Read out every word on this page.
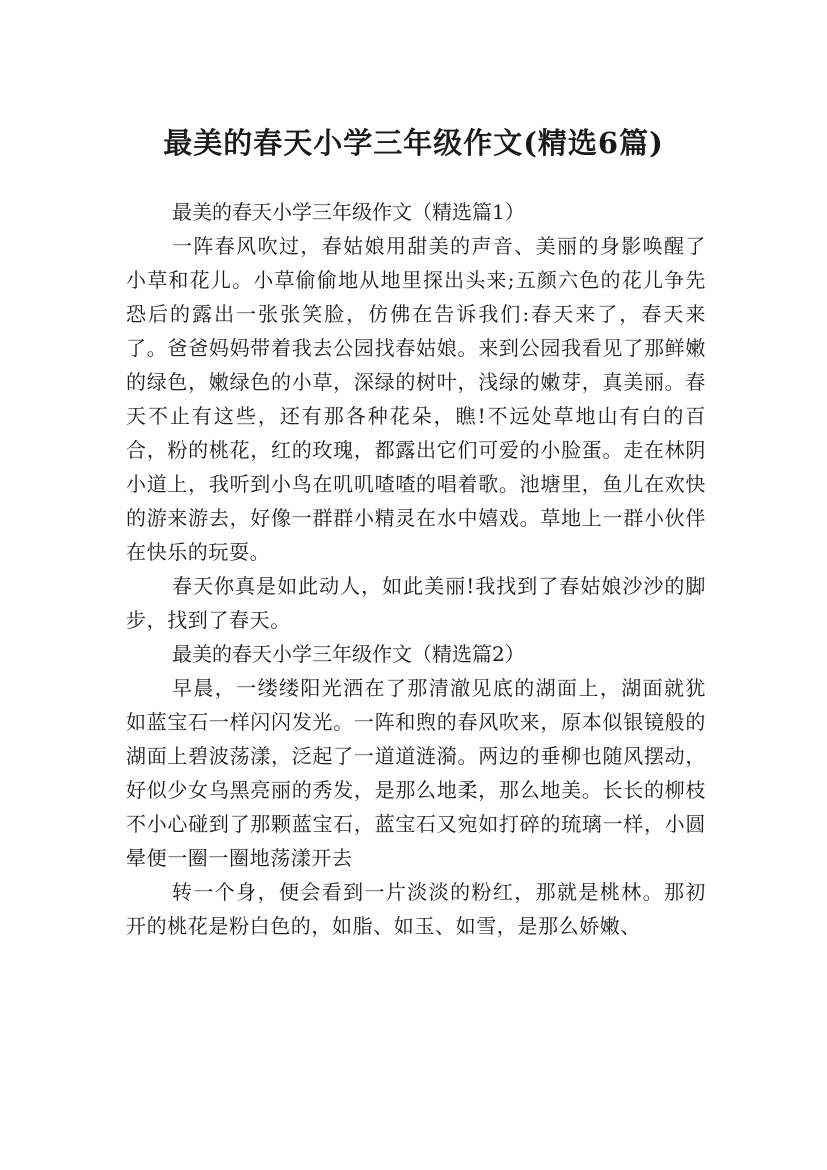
最美的春天小学三年级作文(精选6篇)

最美的春天小学三年级作文（精选篇1）

一阵春风吹过，春姑娘用甜美的声音、美丽的身影唤醒了小草和花儿。小草偷偷地从地里探出头来;五颜六色的花儿争先恐后的露出一张张笑脸，仿佛在告诉我们:春天来了，春天来了。爸爸妈妈带着我去公园找春姑娘。来到公园我看见了那鲜嫩的绿色，嫩绿色的小草，深绿的树叶，浅绿的嫩芽，真美丽。春天不止有这些，还有那各种花朵，瞧!不远处草地山有白的百合，粉的桃花，红的玫瑰，都露出它们可爱的小脸蛋。走在林阴小道上，我听到小鸟在叽叽喳喳的唱着歌。池塘里，鱼儿在欢快的游来游去，好像一群群小精灵在水中嬉戏。草地上一群小伙伴在快乐的玩耍。

春天你真是如此动人，如此美丽!我找到了春姑娘沙沙的脚步，找到了春天。

最美的春天小学三年级作文（精选篇2）

早晨，一缕缕阳光洒在了那清澈见底的湖面上，湖面就犹如蓝宝石一样闪闪发光。一阵和煦的春风吹来，原本似银镜般的湖面上碧波荡漾，泛起了一道道涟漪。两边的垂柳也随风摆动，好似少女乌黑亮丽的秀发，是那么地柔，那么地美。长长的柳枝不小心碰到了那颗蓝宝石，蓝宝石又宛如打碎的琉璃一样，小圆晕便一圈一圈地荡漾开去

转一个身，便会看到一片淡淡的粉红，那就是桃林。那初开的桃花是粉白色的，如脂、如玉、如雪，是那么娇嫩、
